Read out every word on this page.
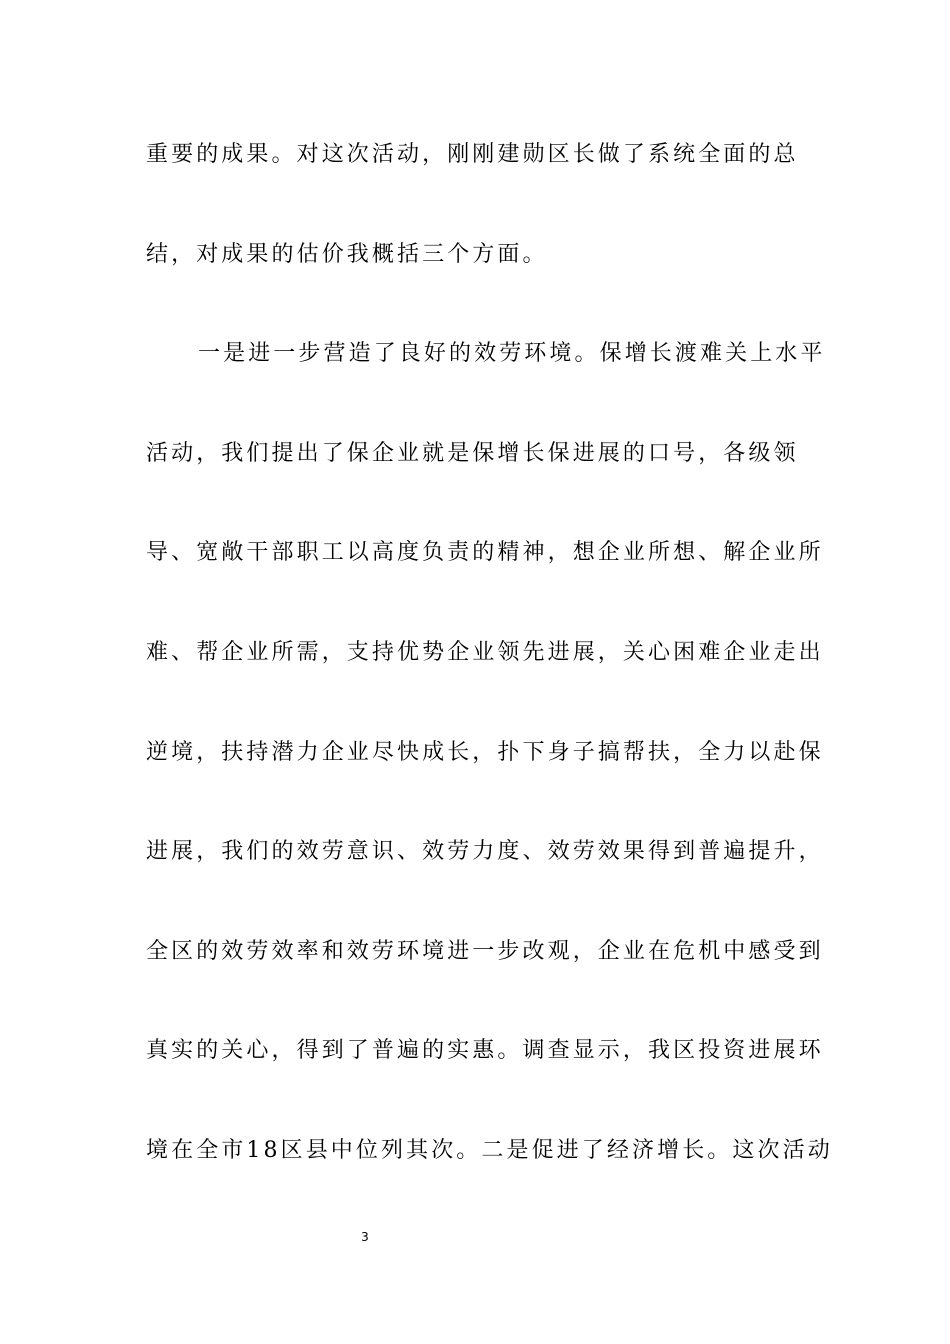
重要的成果。对这次活动，刚刚建勋区长做了系统全面的总
结，对成果的估价我概括三个方面。
一是进一步营造了良好的效劳环境。保增长渡难关上水平
活动，我们提出了保企业就是保增长保进展的口号，各级领
导、宽敞干部职工以高度负责的精神，想企业所想、解企业所
难、帮企业所需，支持优势企业领先进展，关心困难企业走出
逆境，扶持潜力企业尽快成长，扑下身子搞帮扶，全力以赴保
进展，我们的效劳意识、效劳力度、效劳效果得到普遍提升，
全区的效劳效率和效劳环境进一步改观，企业在危机中感受到
真实的关心，得到了普遍的实惠。调查显示，我区投资进展环
境在全市18区县中位列其次。二是促进了经济增长。这次活动
3
